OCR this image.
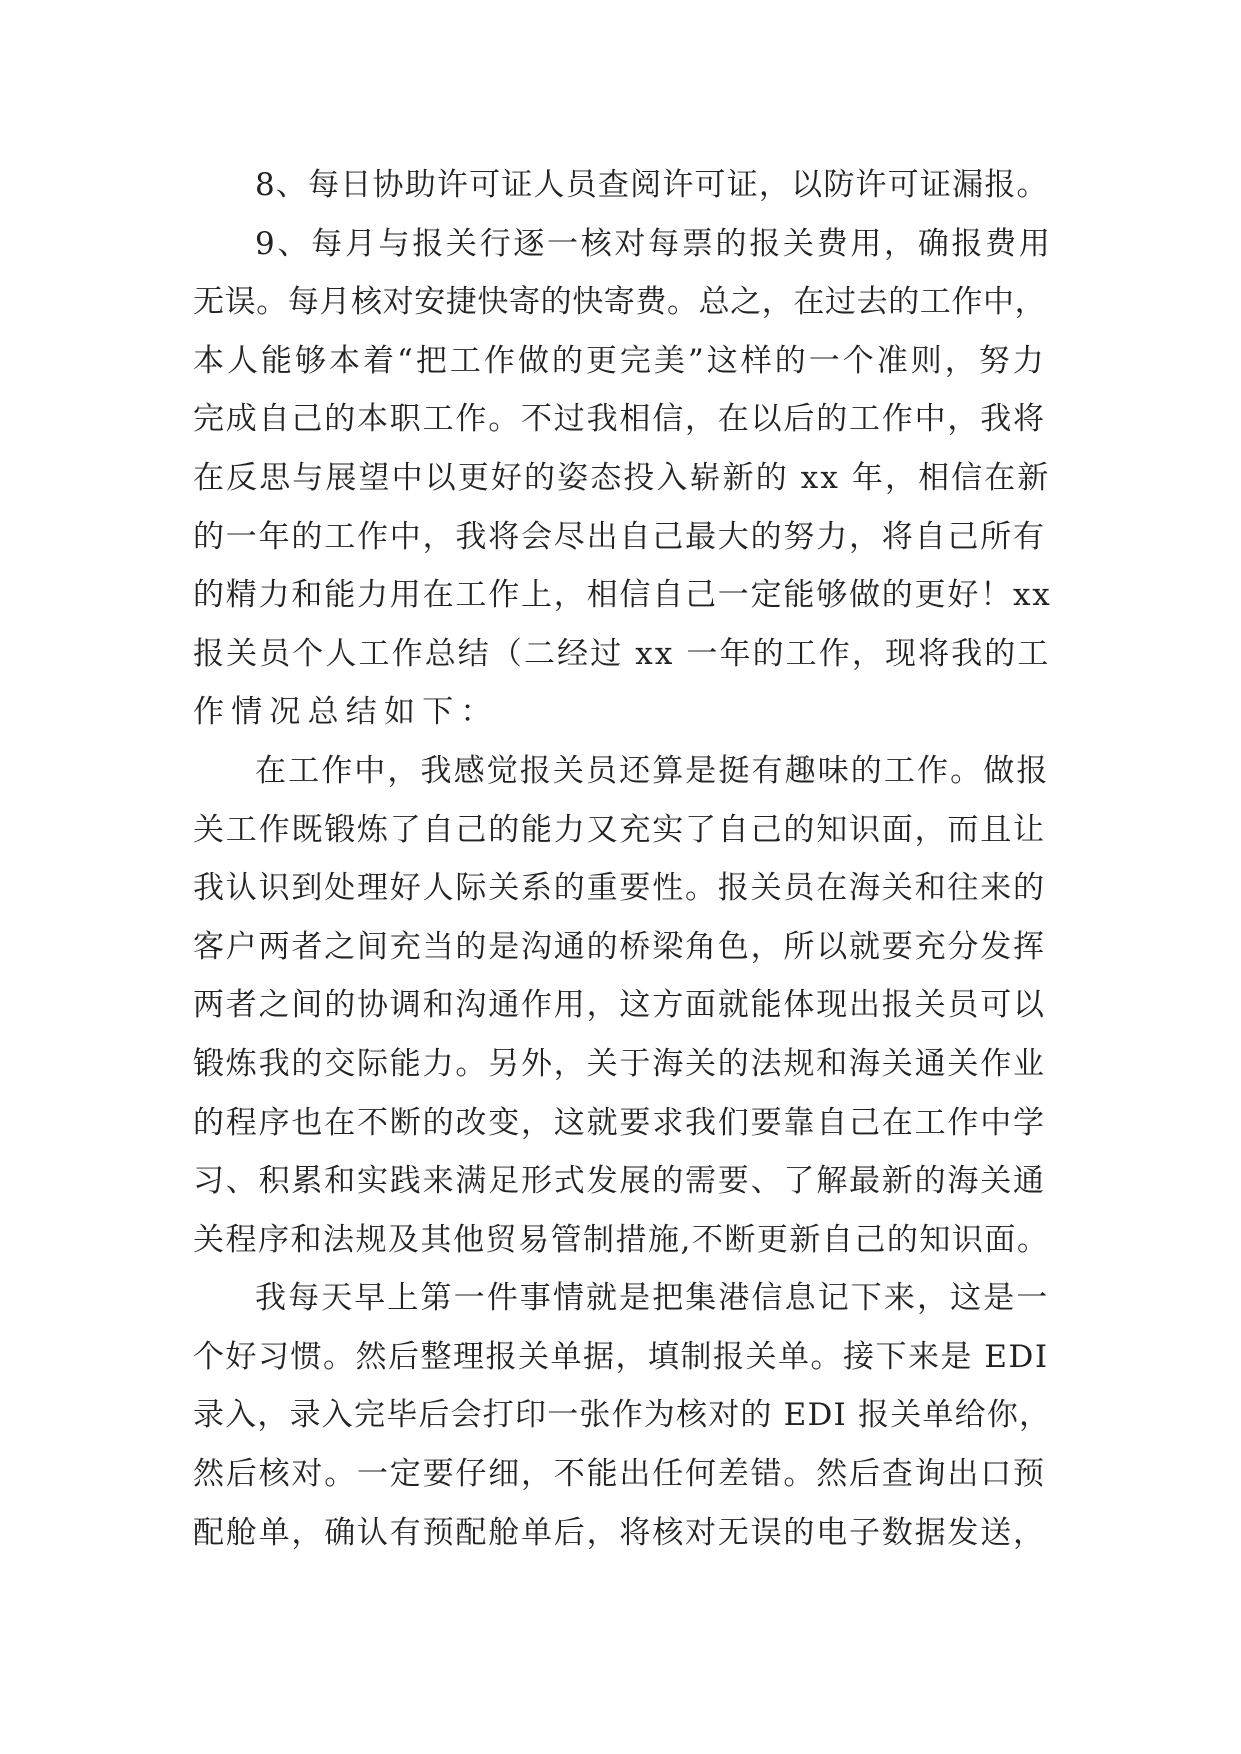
8、每日协助许可证人员查阅许可证，以防许可证漏报。
9、每月与报关行逐一核对每票的报关费用，确报费用
无误。每月核对安捷快寄的快寄费。总之，在过去的工作中，
本人能够本着“把工作做的更完美”这样的一个准则，努力
完成自己的本职工作。不过我相信，在以后的工作中，我将
在反思与展望中以更好的姿态投入崭新的 xx 年，相信在新
的一年的工作中，我将会尽出自己最大的努力，将自己所有
的精力和能力用在工作上，相信自己一定能够做的更好！xx
报关员个人工作总结（二经过 xx 一年的工作，现将我的工
作情况总结如下：
在工作中，我感觉报关员还算是挺有趣味的工作。做报
关工作既锻炼了自己的能力又充实了自己的知识面，而且让
我认识到处理好人际关系的重要性。报关员在海关和往来的
客户两者之间充当的是沟通的桥梁角色，所以就要充分发挥
两者之间的协调和沟通作用，这方面就能体现出报关员可以
锻炼我的交际能力。另外，关于海关的法规和海关通关作业
的程序也在不断的改变，这就要求我们要靠自己在工作中学
习、积累和实践来满足形式发展的需要、了解最新的海关通
关程序和法规及其他贸易管制措施,不断更新自己的知识面。
我每天早上第一件事情就是把集港信息记下来，这是一
个好习惯。然后整理报关单据，填制报关单。接下来是 EDI
录入，录入完毕后会打印一张作为核对的 EDI 报关单给你，
然后核对。一定要仔细，不能出任何差错。然后查询出口预
配舱单，确认有预配舱单后，将核对无误的电子数据发送，
